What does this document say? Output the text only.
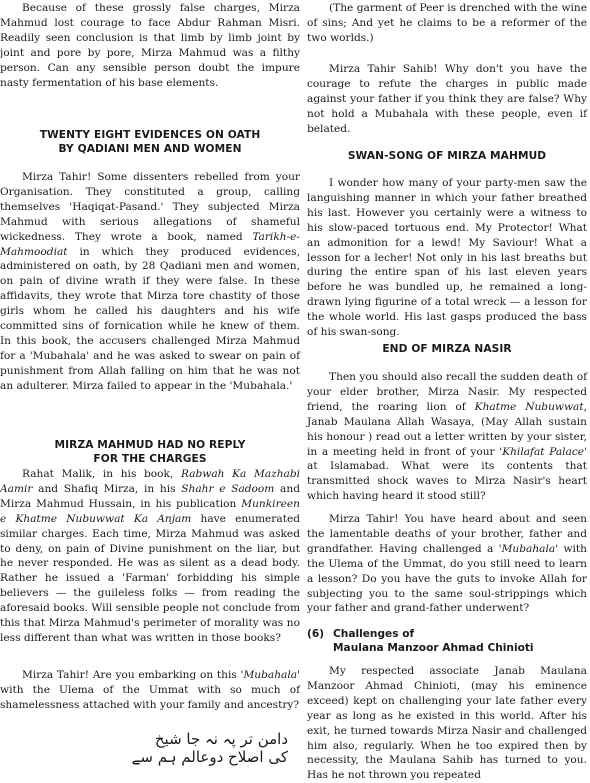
Because of these grossly false charges, Mirza Mahmud lost courage to face Abdur Rahman Misri. Readily seen conclusion is that limb by limb joint by joint and pore by pore, Mirza Mahmud was a filthy person. Can any sensible person doubt the impure nasty fermentation of his base elements.

TWENTY EIGHT EVIDENCES ON OATH
BY QADIANI MEN AND WOMEN

Mirza Tahir! Some dissenters rebelled from your Organisation. They constituted a group, calling themselves 'Haqiqat-Pasand.' They subjected Mirza Mahmud with serious allegations of shameful wickedness. They wrote a book, named Tarikh-e-Mahmoodiat in which they produced evidences, administered on oath, by 28 Qadiani men and women, on pain of divine wrath if they were false. In these affidavits, they wrote that Mirza tore chastity of those girls whom he called his daughters and his wife committed sins of fornication while he knew of them. In this book, the accusers challenged Mirza Mahmud for a 'Mubahala' and he was asked to swear on pain of punishment from Allah falling on him that he was not an adulterer. Mirza failed to appear in the 'Mubahala.'

MIRZA MAHMUD HAD NO REPLY
FOR THE CHARGES

Rahat Malik, in his book, Rabwah Ka Mazhabi Aamir and Shafiq Mirza, in his Shahr e Sadoom and Mirza Mahmud Hussain, in his publication Munkireen e Khatme Nubuwwat Ka Anjam have enumerated similar charges. Each time, Mirza Mahmud was asked to deny, on pain of Divine punishment on the liar, but he never responded. He was as silent as a dead body. Rather he issued a 'Farman' forbidding his simple believers — the guileless folks — from reading the aforesaid books. Will sensible people not conclude from this that Mirza Mahmud's perimeter of morality was no less different than what was written in those books?

Mirza Tahir! Are you embarking on this 'Mubahala' with the Ulema of the Ummat with so much of shamelessness attached with your family and ancestry?

دامن تر پہ نہ جا شیخ
کی اصلاح دوعالم ہم سے

(The garment of Peer is drenched with the wine of sins; And yet he claims to be a reformer of the two worlds.)

Mirza Tahir Sahib! Why don't you have the courage to refute the charges in public made against your father if you think they are false? Why not hold a Mubahala with these people, even if belated.

SWAN-SONG OF MIRZA MAHMUD

I wonder how many of your party-men saw the languishing manner in which your father breathed his last. However you certainly were a witness to his slow-paced tortuous end. My Protector! What an admonition for a lewd! My Saviour! What a lesson for a lecher! Not only in his last breaths but during the entire span of his last eleven years before he was bundled up, he remained a long-drawn lying figurine of a total wreck — a lesson for the whole world. His last gasps produced the bass of his swan-song.

END OF MIRZA NASIR

Then you should also recall the sudden death of your elder brother, Mirza Nasir. My respected friend, the roaring lion of Khatme Nubuwwat, Janab Maulana Allah Wasaya, (May Allah sustain his honour ) read out a letter written by your sister, in a meeting held in front of your 'Khilafat Palace' at Islamabad. What were its contents that transmitted shock waves to Mirza Nasir's heart which having heard it stood still?

Mirza Tahir! You have heard about and seen the lamentable deaths of your brother, father and grandfather. Having challenged a 'Mubahala' with the Ulema of the Ummat, do you still need to learn a lesson? Do you have the guts to invoke Allah for subjecting you to the same soul-strippings which your father and grand-father underwent?

(6) Challenges of
Maulana Manzoor Ahmad Chinioti

My respected associate Janab Maulana Manzoor Ahmad Chinioti, (may his eminence exceed) kept on challenging your late father every year as long as he existed in this world. After his exit, he turned towards Mirza Nasir and challenged him also, regularly. When he too expired then by necessity, the Maulana Sahib has turned to you. Has he not thrown you repeated
